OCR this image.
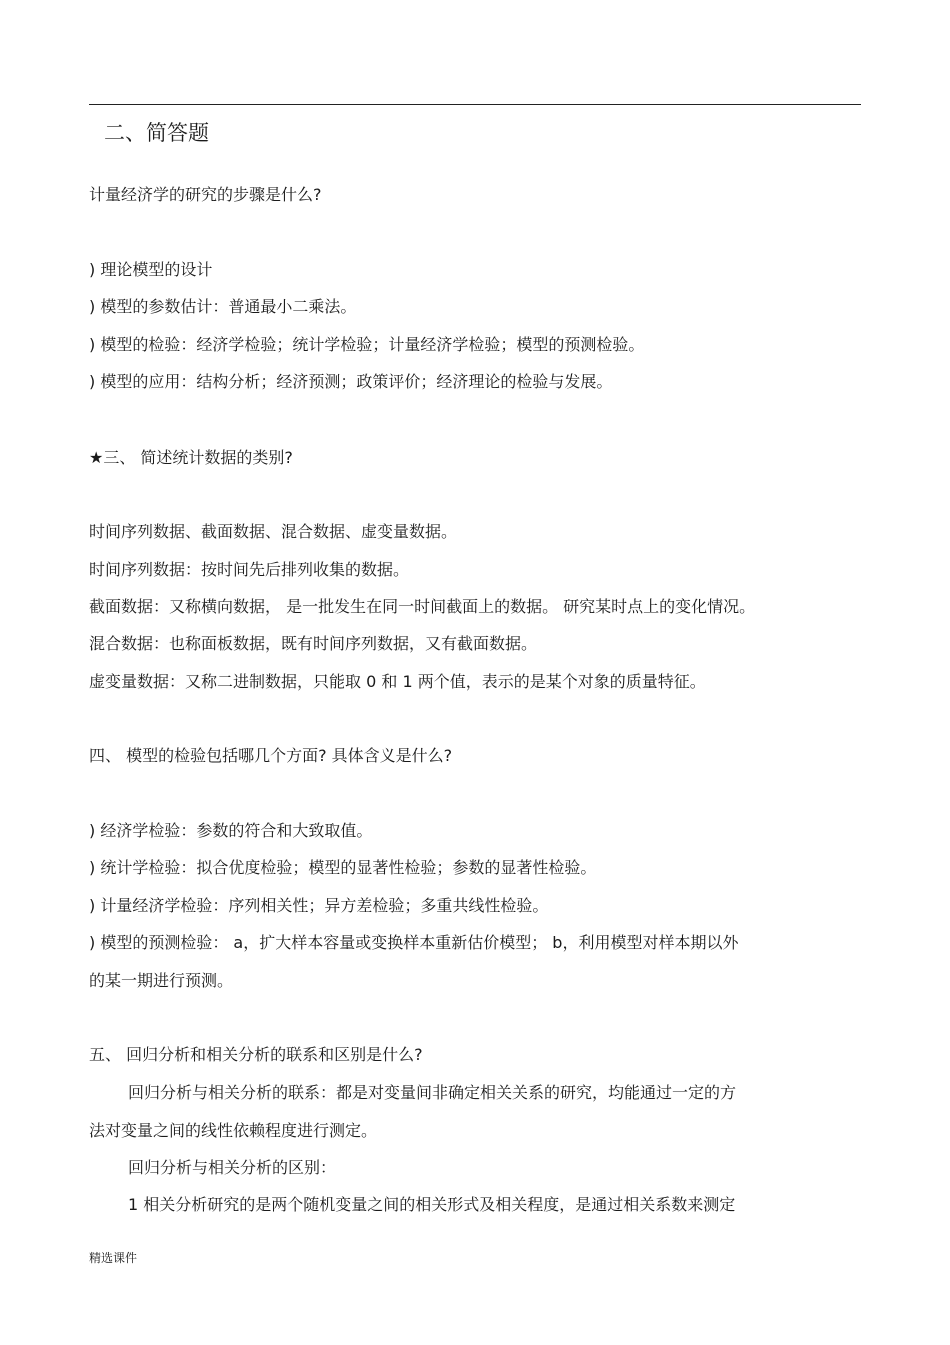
二、简答题
计量经济学的研究的步骤是什么?
) 理论模型的设计
) 模型的参数估计：普通最小二乘法。
) 模型的检验：经济学检验；统计学检验；计量经济学检验；模型的预测检验。
) 模型的应用：结构分析；经济预测；政策评价；经济理论的检验与发展。
★三、 简述统计数据的类别?
时间序列数据、截面数据、混合数据、虚变量数据。
时间序列数据：按时间先后排列收集的数据。
截面数据：又称横向数据， 是一批发生在同一时间截面上的数据。 研究某时点上的变化情况。
混合数据：也称面板数据，既有时间序列数据，又有截面数据。
虚变量数据：又称二进制数据，只能取 0 和 1 两个值，表示的是某个对象的质量特征。
四、 模型的检验包括哪几个方面? 具体含义是什么?
) 经济学检验：参数的符合和大致取值。
) 统计学检验：拟合优度检验；模型的显著性检验；参数的显著性检验。
) 计量经济学检验：序列相关性；异方差检验；多重共线性检验。
) 模型的预测检验： a，扩大样本容量或变换样本重新估价模型； b，利用模型对样本期以外
的某一期进行预测。
五、 回归分析和相关分析的联系和区别是什么?
回归分析与相关分析的联系：都是对变量间非确定相关关系的研究，均能通过一定的方
法对变量之间的线性依赖程度进行测定。
回归分析与相关分析的区别：
1 相关分析研究的是两个随机变量之间的相关形式及相关程度，是通过相关系数来测定
精选课件
